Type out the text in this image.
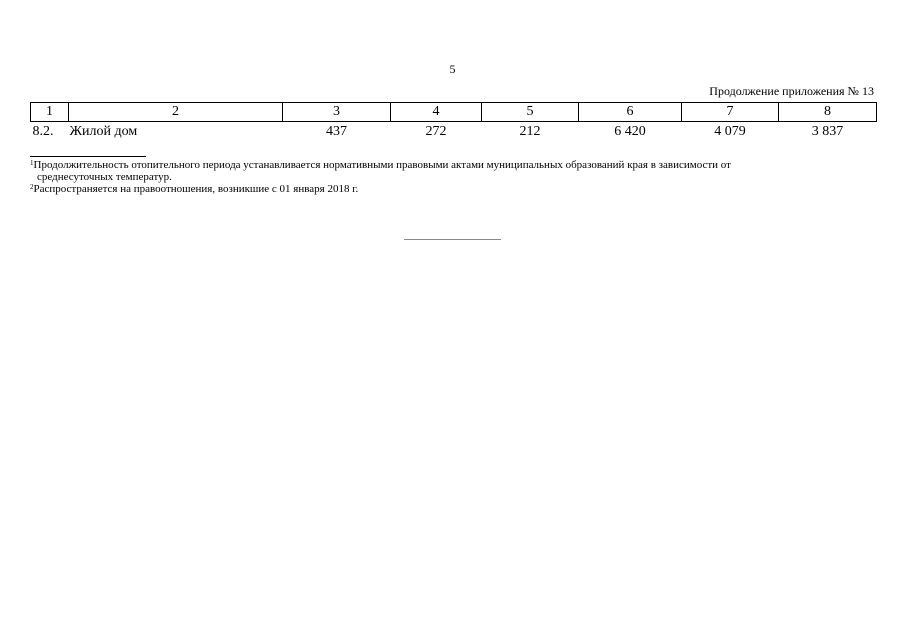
5
Продолжение приложения № 13
1	2	3	4	5	6	7	8
8.2.	Жилой дом	437	272	212	6 420	4 079	3 837
$^1$Продолжительность отопительного периода устанавливается нормативными правовыми актами муниципальных образований края в зависимости от
среднесуточных температур.
$^2$Распространяется на правоотношения, возникшие с 01 января 2018 г.
